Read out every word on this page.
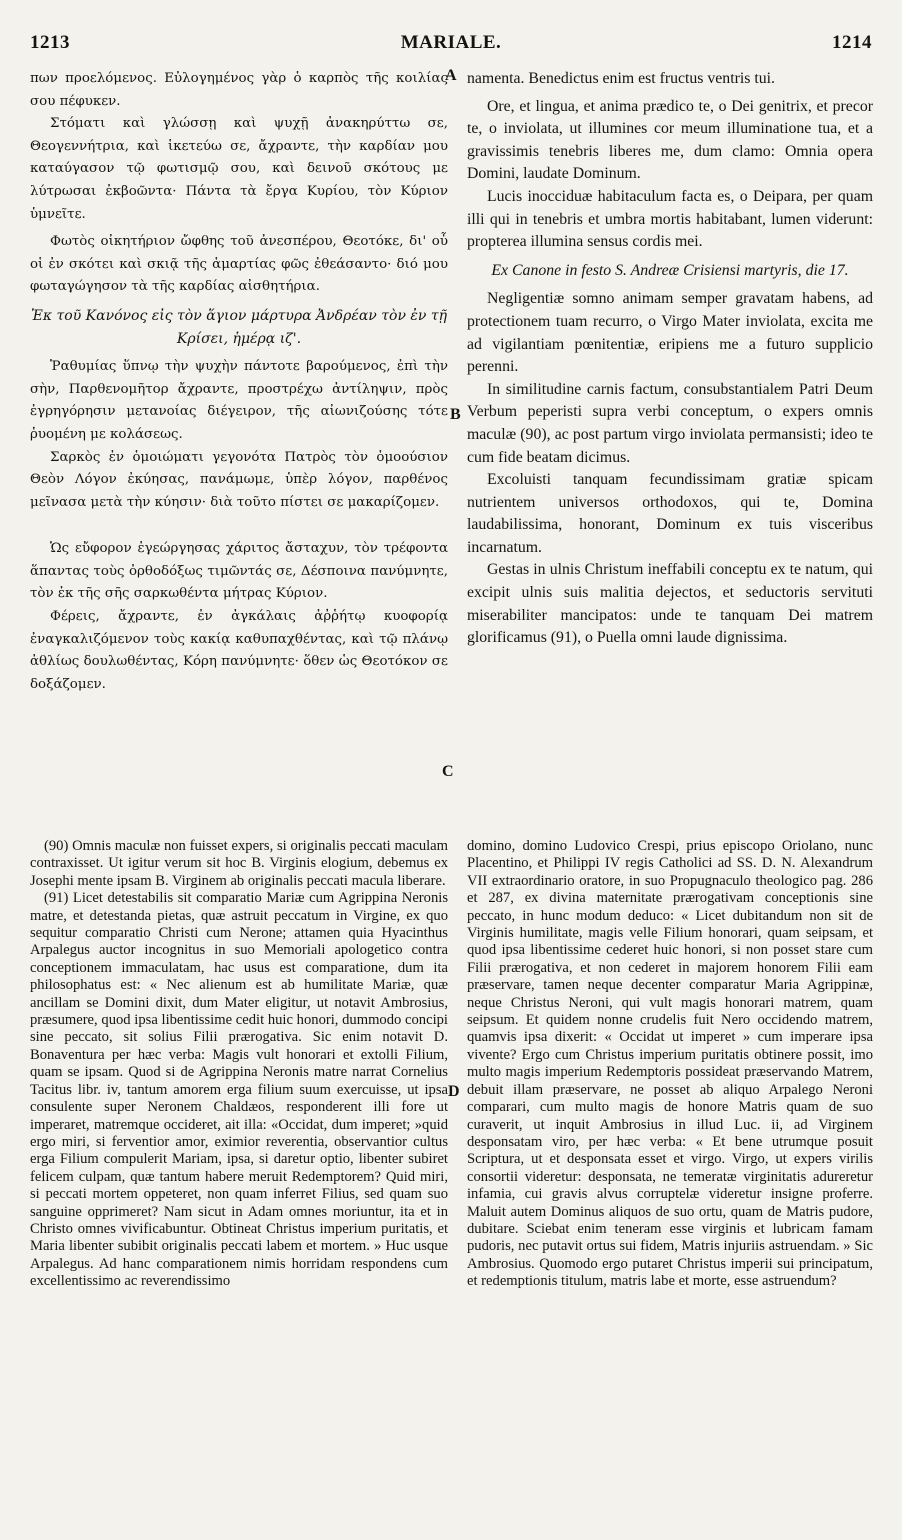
1213	MARIALE.	1214

πων προελόμενος. Εὐλογημένος γὰρ ὁ καρπὸς τῆς κοιλίας σου πέφυκεν.

Στόματι καὶ γλώσσῃ καὶ ψυχῇ ἀνακηρύττω σε, Θεογεννήτρια, καὶ ἱκετεύω σε, ἄχραντε, τὴν καρδίαν μου καταύγασον τῷ φωτισμῷ σου, καὶ δεινοῦ σκότους με λύτρωσαι ἐκβοῶντα· Πάντα τὰ ἔργα Κυρίου, τὸν Κύριον ὑμνεῖτε.

Φωτὸς οἰκητήριον ὤφθης τοῦ ἀνεσπέρου, Θεοτόκε, δι' οὗ οἱ ἐν σκότει καὶ σκιᾷ τῆς ἁμαρτίας φῶς ἐθεάσαντο· διό μου φωταγώγησον τὰ τῆς καρδίας αἰσθητήρια.

Ἐκ τοῦ Κανόνος εἰς τὸν ἅγιον μάρτυρα Ἀνδρέαν τὸν ἐν τῇ Κρίσει, ἡμέρᾳ ιζ'.

Ῥαθυμίας ὕπνῳ τὴν ψυχὴν πάντοτε βαρούμενος, ἐπὶ τὴν σὴν, Παρθενομῆτορ ἄχραντε, προστρέχω ἀντίληψιν, πρὸς ἐγρηγόρησιν μετανοίας διέγειρον, τῆς αἰωνιζούσης τότε ῥυομένη με κολάσεως.

Σαρκὸς ἐν ὁμοιώματι γεγονότα Πατρὸς τὸν ὁμοούσιον Θεὸν Λόγον ἐκύησας, πανάμωμε, ὑπὲρ λόγον, παρθένος μεῖνασα μετὰ τὴν κύησιν· διὰ τοῦτο πίστει σε μακαρίζομεν.

Ὡς εὔφορον ἐγεώργησας χάριτος ἄσταχυν, τὸν τρέφοντα ἅπαντας τοὺς ὀρθοδόξως τιμῶντάς σε, Δέσποινα πανύμνητε, τὸν ἐκ τῆς σῆς σαρκωθέντα μήτρας Κύριον.

Φέρεις, ἄχραντε, ἐν ἀγκάλαις ἀῤῥήτῳ κυοφορίᾳ ἐναγκαλιζόμενον τοὺς κακίᾳ καθυπαχθέντας, καὶ τῷ πλάνῳ ἀθλίως δουλωθέντας, Κόρη πανύμνητε· ὅθεν ὡς Θεοτόκον σε δοξάζομεν.

namenta. Benedictus enim est fructus ventris tui.

Ore, et lingua, et anima prædico te, o Dei genitrix, et precor te, o inviolata, ut illumines cor meum illuminatione tua, et a gravissimis tenebris liberes me, dum clamo: Omnia opera Domini, laudate Dominum.

Lucis inocciduæ habitaculum facta es, o Deipara, per quam illi qui in tenebris et umbra mortis habitabant, lumen viderunt: propterea illumina sensus cordis mei.

Ex Canone in festo S. Andreæ Crisiensi martyris, die 17.

Negligentiæ somno animam semper gravatam habens, ad protectionem tuam recurro, o Virgo Mater inviolata, excita me ad vigilantiam pœnitentiæ, eripiens me a futuro supplicio perenni.

In similitudine carnis factum, consubstantialem Patri Deum Verbum peperisti supra verbi conceptum, o expers omnis maculæ (90), ac post partum virgo inviolata permansisti; ideo te cum fide beatam dicimus.

Excoluisti tanquam fecundissimam gratiæ spicam nutrientem universos orthodoxos, qui te, Domina laudabilissima, honorant, Dominum ex tuis visceribus incarnatum.

Gestas in ulnis Christum ineffabili conceptu ex te natum, qui excipit ulnis suis malitia dejectos, et seductoris servituti miserabiliter mancipatos: unde te tanquam Dei matrem glorificamus (91), o Puella omni laude dignissima.

A
B
C
D

(90) Omnis maculæ non fuisset expers, si originalis peccati maculam contraxisset. Ut igitur verum sit hoc B. Virginis elogium, debemus ex Josephi mente ipsam B. Virginem ab originalis peccati macula liberare.

(91) Licet detestabilis sit comparatio Mariæ cum Agrippina Neronis matre, et detestanda pietas, quæ astruit peccatum in Virgine, ex quo sequitur comparatio Christi cum Nerone; attamen quia Hyacinthus Arpalegus auctor incognitus in suo Memoriali apologetico contra conceptionem immaculatam, hac usus est comparatione, dum ita philosophatus est: « Nec alienum est ab humilitate Mariæ, quæ ancillam se Domini dixit, dum Mater eligitur, ut notavit Ambrosius, præsumere, quod ipsa libentissime cedit huic honori, dummodo concipi sine peccato, sit solius Filii prærogativa. Sic enim notavit D. Bonaventura per hæc verba: Magis vult honorari et extolli Filium, quam se ipsam. Quod si de Agrippina Neronis matre narrat Cornelius Tacitus libr. iv, tantum amorem erga filium suum exercuisse, ut ipsa consulente super Neronem Chaldæos, responderent illi fore ut imperaret, matremque occideret, ait illa: «Occidat, dum imperet; »quid ergo miri, si ferventior amor, eximior reverentia, observantior cultus erga Filium compulerit Mariam, ipsa, si daretur optio, libenter subiret felicem culpam, quæ tantum habere meruit Redemptorem? Quid miri, si peccati mortem oppeteret, non quam inferret Filius, sed quam suo sanguine opprimeret? Nam sicut in Adam omnes moriuntur, ita et in Christo omnes vivificabuntur. Obtineat Christus imperium puritatis, et Maria libenter subibit originalis peccati labem et mortem. » Huc usque Arpalegus. Ad hanc comparationem nimis horridam respondens cum excellentissimo ac reverendissimo

domino, domino Ludovico Crespi, prius episcopo Oriolano, nunc Placentino, et Philippi IV regis Catholici ad SS. D. N. Alexandrum VII extraordinario oratore, in suo Propugnaculo theologico pag. 286 et 287, ex divina maternitate prærogativam conceptionis sine peccato, in hunc modum deduco: « Licet dubitandum non sit de Virginis humilitate, magis velle Filium honorari, quam seipsam, et quod ipsa libentissime cederet huic honori, si non posset stare cum Filii prærogativa, et non cederet in majorem honorem Filii eam præservare, tamen neque decenter comparatur Maria Agrippinæ, neque Christus Neroni, qui vult magis honorari matrem, quam seipsum. Et quidem nonne crudelis fuit Nero occidendo matrem, quamvis ipsa dixerit: « Occidat ut imperet » cum imperare ipsa vivente? Ergo cum Christus imperium puritatis obtinere possit, imo multo magis imperium Redemptoris possideat præservando Matrem, debuit illam præservare, ne posset ab aliquo Arpalego Neroni comparari, cum multo magis de honore Matris quam de suo curaverit, ut inquit Ambrosius in illud Luc. ii, ad Virginem desponsatam viro, per hæc verba: « Et bene utrumque posuit Scriptura, ut et desponsata esset et virgo. Virgo, ut expers virilis consortii videretur: desponsata, ne temeratæ virginitatis adureretur infamia, cui gravis alvus corruptelæ videretur insigne proferre. Maluit autem Dominus aliquos de suo ortu, quam de Matris pudore, dubitare. Sciebat enim teneram esse virginis et lubricam famam pudoris, nec putavit ortus sui fidem, Matris injuriis astruendam. » Sic Ambrosius. Quomodo ergo putaret Christus imperii sui principatum, et redemptionis titulum, matris labe et morte, esse astruendum?
